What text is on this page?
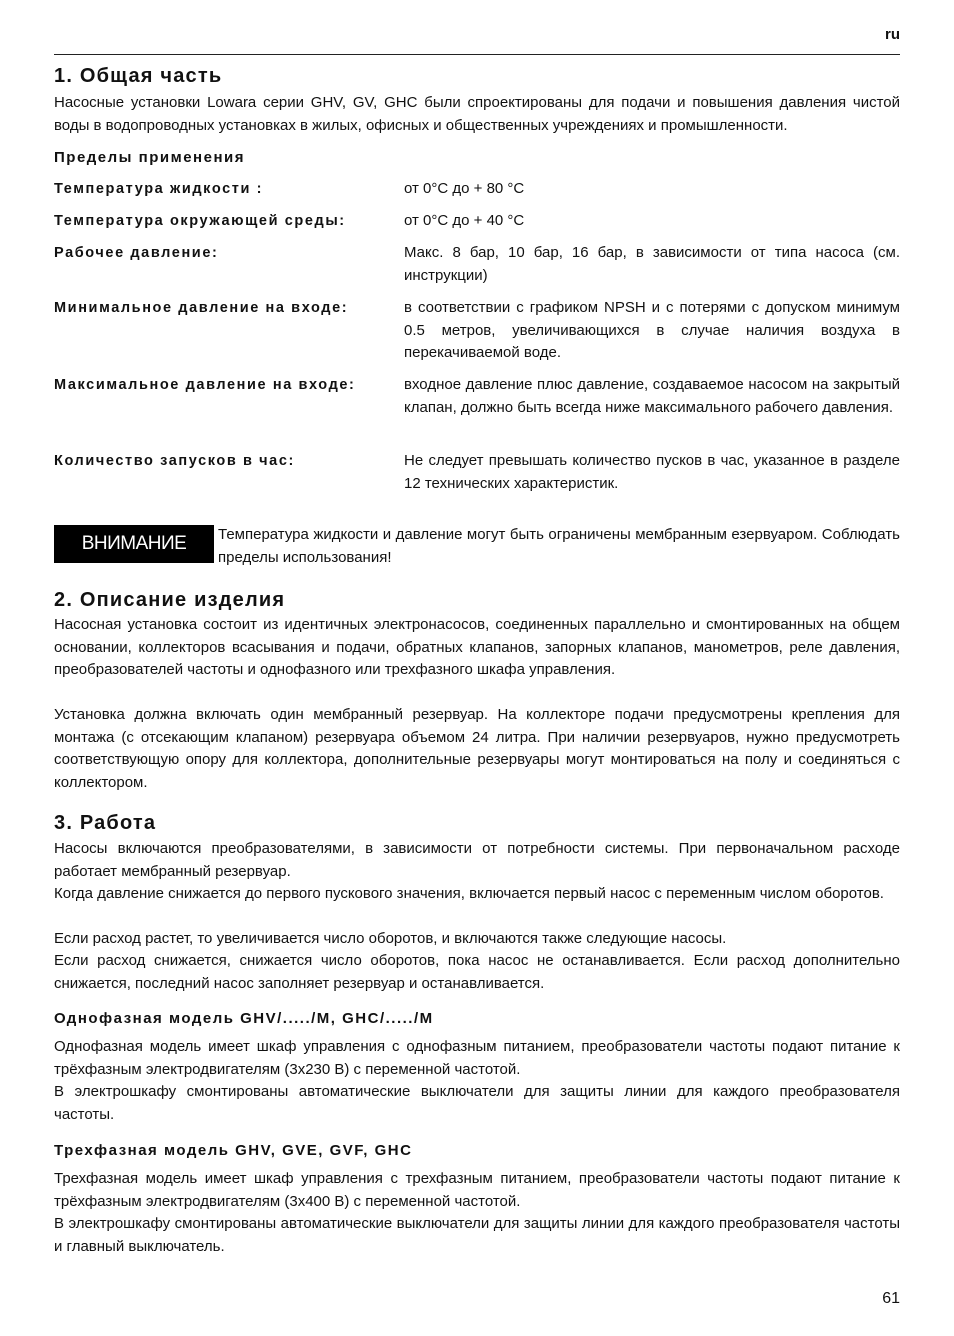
ru
1. Общая часть

Насосные установки Lowara серии GHV, GV, GHC были спроектированы для подачи и повышения давления чистой воды в водопроводных установках в жилых, офисных и общественных учреждениях и промышленности.

Пределы применения
Температура жидкости :	от 0°C до + 80 °C
Температура окружающей среды:	от 0°C до + 40 °C
Рабочее давление:	Макс. 8 бар, 10 бар, 16 бар, в зависимости от типа насоса (см. инструкции)
Минимальное давление на входе:	в соответствии с графиком NPSH и с потерями с допуском минимум 0.5 метров, увеличивающихся в случае наличия воздуха в перекачиваемой воде.
Максимальное давление на входе:	входное давление плюс давление, создаваемое насосом на закрытый клапан, должно быть всегда ниже максимального рабочего давления.
Количество запусков в час:	Не следует превышать количество пусков в час, указанное в разделе 12 технических характеристик.
ВНИМАНИЕ	Температура жидкости и давление могут быть ограничены мембранным езервуаром. Соблюдать пределы использования!

2. Описание изделия

Насосная установка состоит из идентичных электронасосов, соединенных параллельно и смонтированных на общем основании, коллекторов всасывания и подачи, обратных клапанов, запорных клапанов, манометров, реле давления, преобразователей частоты и однофазного или трехфазного шкафа управления.

Установка должна включать один мембранный резервуар. На коллекторе подачи предусмотрены крепления для монтажа (с отсекающим клапаном) резервуара объемом 24 литра. При наличии резервуаров, нужно предусмотреть соответствующую опору для коллектора, дополнительные резервуары могут монтироваться на полу и соединяться с коллектором.

3. Работа

Насосы включаются преобразователями, в зависимости от потребности системы. При первоначальном расходе работает мембранный резервуар.

Когда давление снижается до первого пускового значения, включается первый насос с переменным числом оборотов.

Если расход растет, то увеличивается число оборотов, и включаются также следующие насосы.

Если расход снижается, снижается число оборотов, пока насос не останавливается. Если расход дополнительно снижается, последний насос заполняет резервуар и останавливается.

Однофазная модель GHV/...../M, GHC/...../M

Однофазная модель имеет шкаф управления с однофазным питанием, преобразователи частоты подают питание к трёхфазным электродвигателям (3x230 В) с переменной частотой.

В электрошкафу смонтированы автоматические выключатели для защиты линии для каждого преобразователя частоты.

Трехфазная модель GHV, GVE, GVF, GHC

Трехфазная модель имеет шкаф управления с трехфазным питанием, преобразователи частоты подают питание к трёхфазным электродвигателям (3x400 В) с переменной частотой.

В электрошкафу смонтированы автоматические выключатели для защиты линии для каждого преобразователя частоты и главный выключатель.

61
